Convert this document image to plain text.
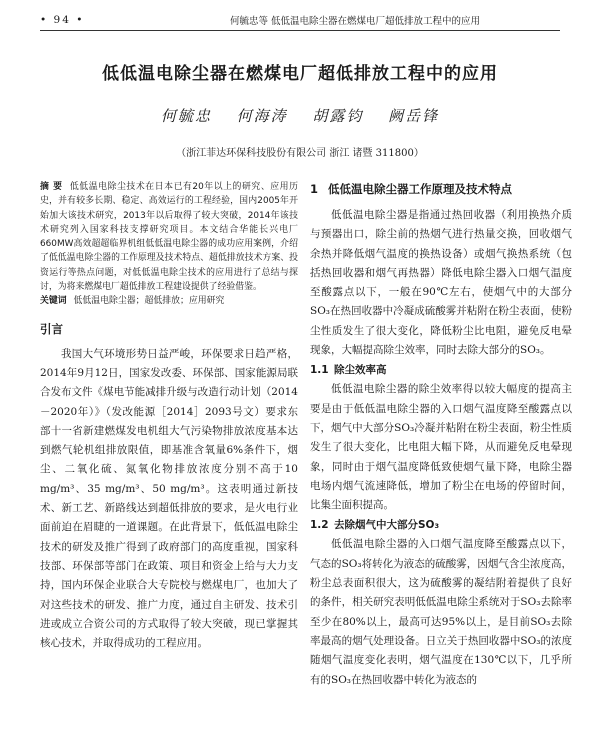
• 94 •	何毓忠等 低低温电除尘器在燃煤电厂超低排放工程中的应用
低低温电除尘器在燃煤电厂超低排放工程中的应用
何毓忠 何海涛 胡露钧 阙岳锋
（浙江菲达环保科技股份有限公司 浙江 诸暨 311800）
摘 要 低低温电除尘技术在日本已有20年以上的研究、应用历史，并有较多长期、稳定、高效运行的工程经验，国内2005年开始加大该技术研究，2013年以后取得了较大突破，2014年该技术研究列入国家科技支撑研究项目。本文结合华能长兴电厂660MW高效超超临界机组低低温电除尘器的成功应用案例，介绍了低低温电除尘器的工作原理及技术特点、超低排放技术方案、投资运行等热点问题，对低低温电除尘技术的应用进行了总结与探讨，为将来燃煤电厂超低排放工程建设提供了经验借鉴。
关键词 低低温电除尘器；超低排放；应用研究
引言

我国大气环境形势日益严峻，环保要求日趋严格，2014年9月12日，国家发改委、环保部、国家能源局联合发布文件《煤电节能减排升级与改造行动计划（2014－2020年）》（发改能源［2014］2093号文）要求东部十一省新建燃煤发电机组大气污染物排放浓度基本达到燃气轮机组排放限值，即基准含氧量6%条件下，烟尘、二氧化硫、氮氧化物排放浓度分别不高于10 mg/m³、35 mg/m³、50 mg/m³。这表明通过新技术、新工艺、新路线达到超低排放的要求，是火电行业面前迫在眉睫的一道课题。在此背景下，低低温电除尘技术的研发及推广得到了政府部门的高度重视，国家科技部、环保部等部门在政策、项目和资金上给与大力支持，国内环保企业联合大专院校与燃煤电厂，也加大了对这些技术的研发、推广力度，通过自主研发、技术引进或成立合资公司的方式取得了较大突破，现已掌握其核心技术，并取得成功的工程应用。

1 低低温电除尘器工作原理及技术特点

低低温电除尘器是指通过热回收器（利用换热介质与预器出口，除尘前的热烟气进行热量交换，回收烟气余热并降低烟气温度的换热设备）或烟气换热系统（包括热回收器和烟气再热器）降低电除尘器入口烟气温度至酸露点以下，一般在90℃左右，使烟气中的大部分SO₃在热回收器中冷凝成硫酸雾并粘附在粉尘表面，使粉尘性质发生了很大变化，降低粉尘比电阻，避免反电晕现象，大幅提高除尘效率，同时去除大部分的SO₃。

1.1 除尘效率高

低低温电除尘器的除尘效率得以较大幅度的提高主要是由于低低温电除尘器的入口烟气温度降至酸露点以下，烟气中大部分SO₃冷凝并粘附在粉尘表面，粉尘性质发生了很大变化，比电阻大幅下降，从而避免反电晕现象，同时由于烟气温度降低致使烟气量下降，电除尘器电场内烟气流速降低，增加了粉尘在电场的停留时间，比集尘面积提高。

1.2 去除烟气中大部分SO₃

低低温电除尘器的入口烟气温度降至酸露点以下，气态的SO₃将转化为液态的硫酸雾，因烟气含尘浓度高，粉尘总表面积很大，这为硫酸雾的凝结附着提供了良好的条件，相关研究表明低低温电除尘系统对于SO₃去除率至少在80%以上，最高可达95%以上，是目前SO₃去除率最高的烟气处理设备。日立关于热回收器中SO₃的浓度随烟气温度变化表明，烟气温度在130℃以下，几乎所有的SO₃在热回收器中转化为液态的
